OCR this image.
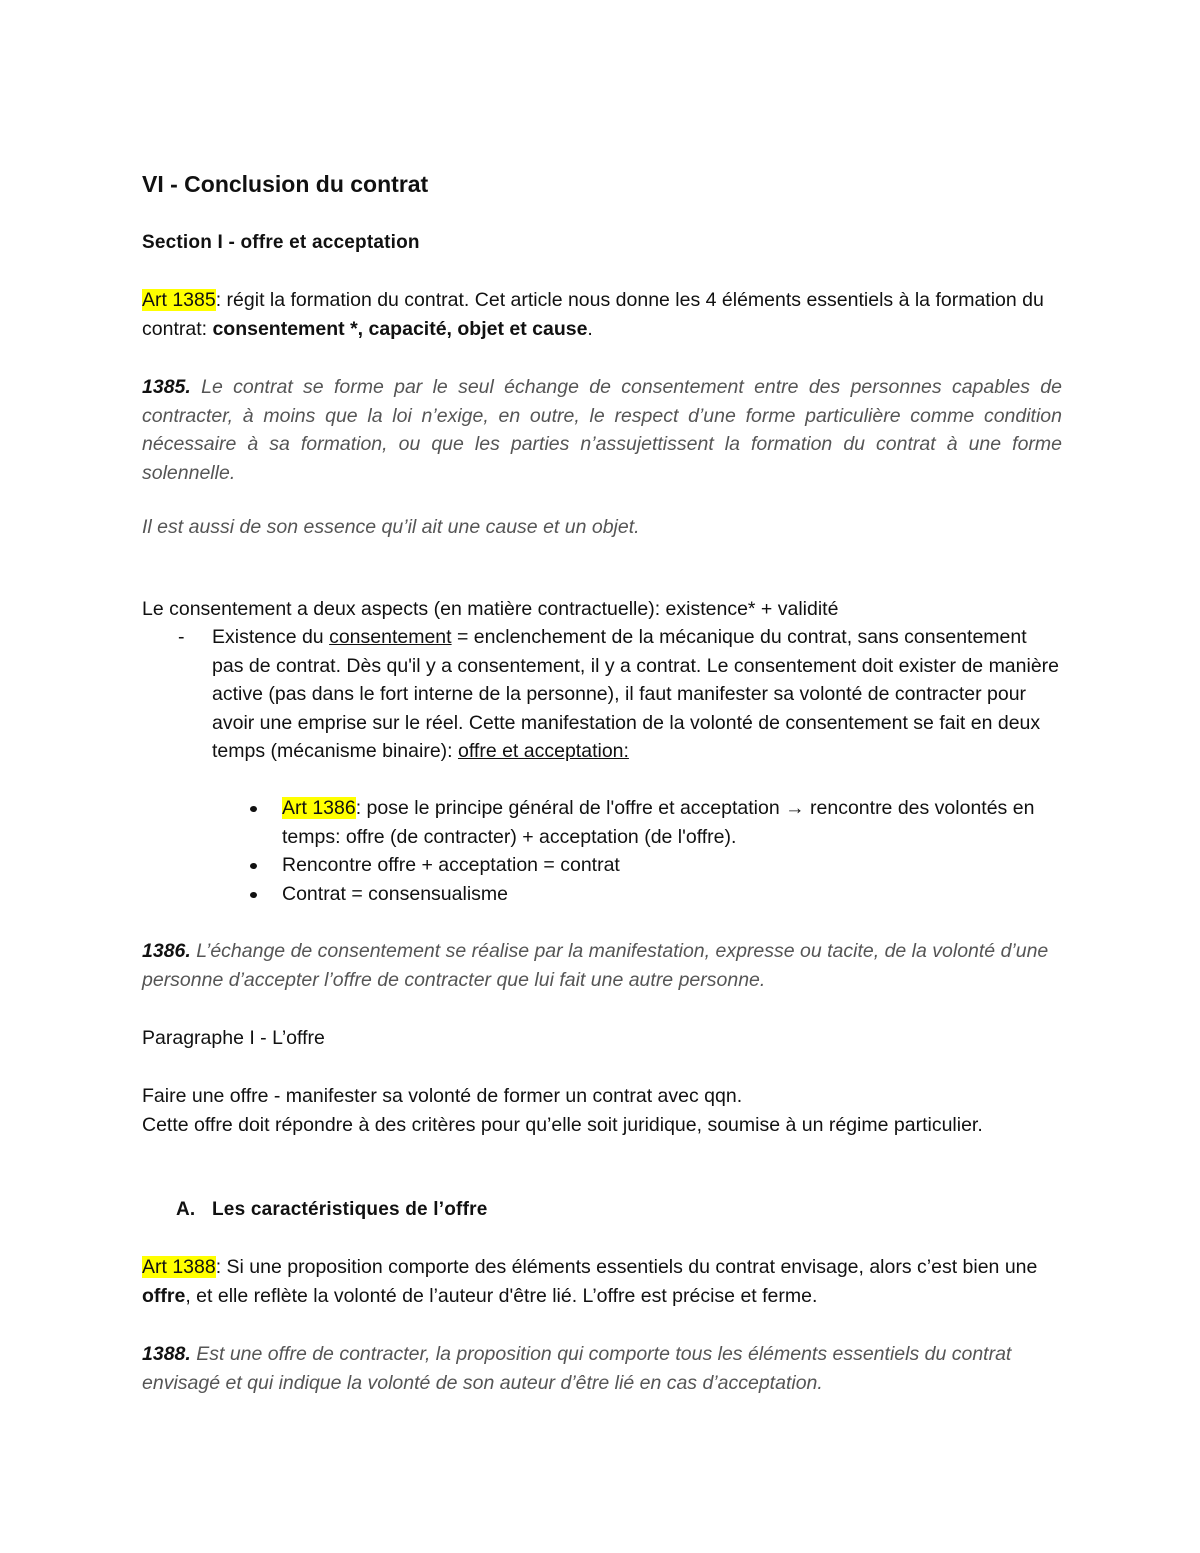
VI - Conclusion du contrat
Section I - offre et acceptation

Art 1385: régit la formation du contrat. Cet article nous donne les 4 éléments essentiels à la formation du contrat: consentement *, capacité, objet et cause.

1385. Le contrat se forme par le seul échange de consentement entre des personnes capables de contracter, à moins que la loi n’exige, en outre, le respect d’une forme particulière comme condition nécessaire à sa formation, ou que les parties n’assujettissent la formation du contrat à une forme solennelle.

Il est aussi de son essence qu’il ait une cause et un objet.

Le consentement a deux aspects (en matière contractuelle): existence* + validité

- Existence du consentement = enclenchement de la mécanique du contrat, sans consentement pas de contrat. Dès qu'il y a consentement, il y a contrat. Le consentement doit exister de manière active (pas dans le fort interne de la personne), il faut manifester sa volonté de contracter pour avoir une emprise sur le réel. Cette manifestation de la volonté de consentement se fait en deux temps (mécanisme binaire): offre et acceptation:

Art 1386: pose le principe général de l'offre et acceptation → rencontre des volontés en temps: offre (de contracter) + acceptation (de l'offre).
Rencontre offre + acceptation = contrat
Contrat = consensualisme

1386. L’échange de consentement se réalise par la manifestation, expresse ou tacite, de la volonté d’une personne d’accepter l’offre de contracter que lui fait une autre personne.

Paragraphe I - L’offre

Faire une offre - manifester sa volonté de former un contrat avec qqn.
Cette offre doit répondre à des critères pour qu’elle soit juridique, soumise à un régime particulier.

A. Les caractéristiques de l’offre

Art 1388: Si une proposition comporte des éléments essentiels du contrat envisage, alors c’est bien une offre, et elle reflète la volonté de l’auteur d'être lié. L’offre est précise et ferme.

1388. Est une offre de contracter, la proposition qui comporte tous les éléments essentiels du contrat envisagé et qui indique la volonté de son auteur d’être lié en cas d’acceptation.
